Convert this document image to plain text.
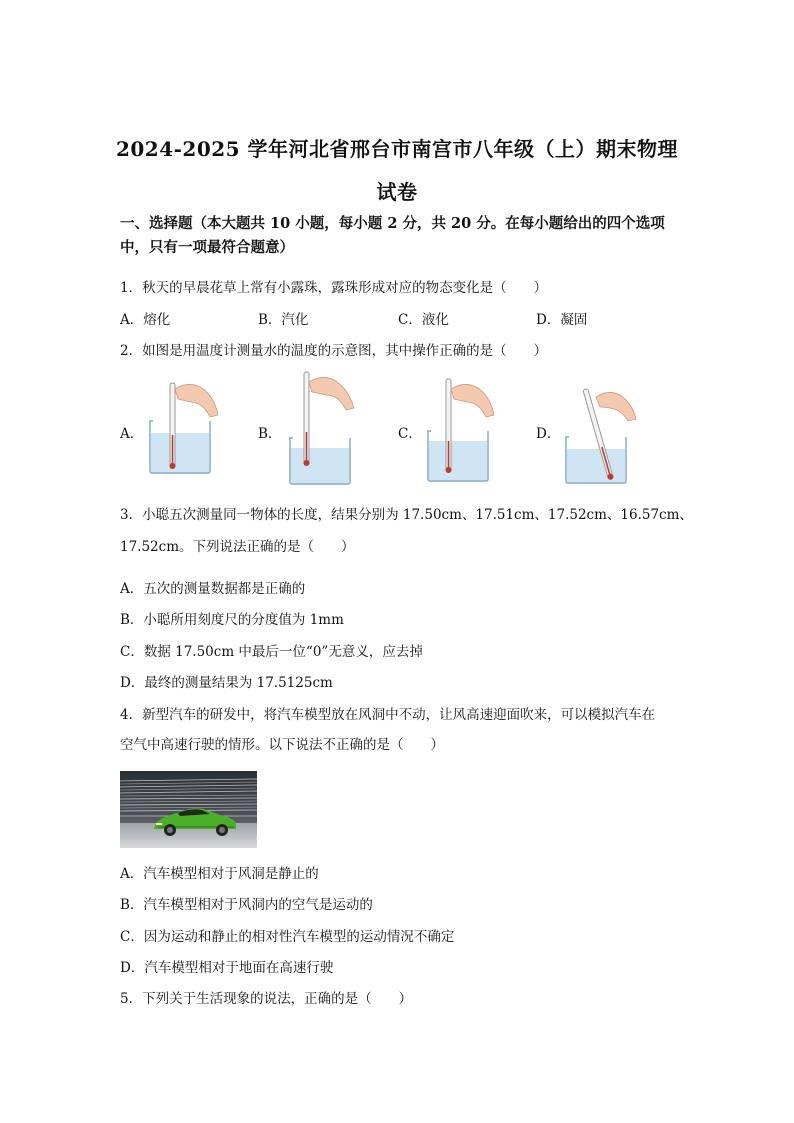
2024-2025 学年河北省邢台市南宫市八年级（上）期末物理
试卷
一、选择题（本大题共 10 小题，每小题 2 分，共 20 分。在每小题给出的四个选项中，只有一项最符合题意）
1．秋天的早晨花草上常有小露珠，露珠形成对应的物态变化是（　　）
A．熔化	B．汽化	C．液化	D．凝固
2．如图是用温度计测量水的温度的示意图，其中操作正确的是（　　）
A．	B．	C．	D．
3．小聪五次测量同一物体的长度，结果分别为 17.50cm、17.51cm、17.52cm、16.57cm、
17.52cm。下列说法正确的是（　　）
A．五次的测量数据都是正确的
B．小聪所用刻度尺的分度值为 1mm
C．数据 17.50cm 中最后一位“0”无意义，应去掉
D．最终的测量结果为 17.5125cm
4．新型汽车的研发中，将汽车模型放在风洞中不动，让风高速迎面吹来，可以模拟汽车在
空气中高速行驶的情形。以下说法不正确的是（　　）
A．汽车模型相对于风洞是静止的
B．汽车模型相对于风洞内的空气是运动的
C．因为运动和静止的相对性汽车模型的运动情况不确定
D．汽车模型相对于地面在高速行驶
5．下列关于生活现象的说法，正确的是（　　）
